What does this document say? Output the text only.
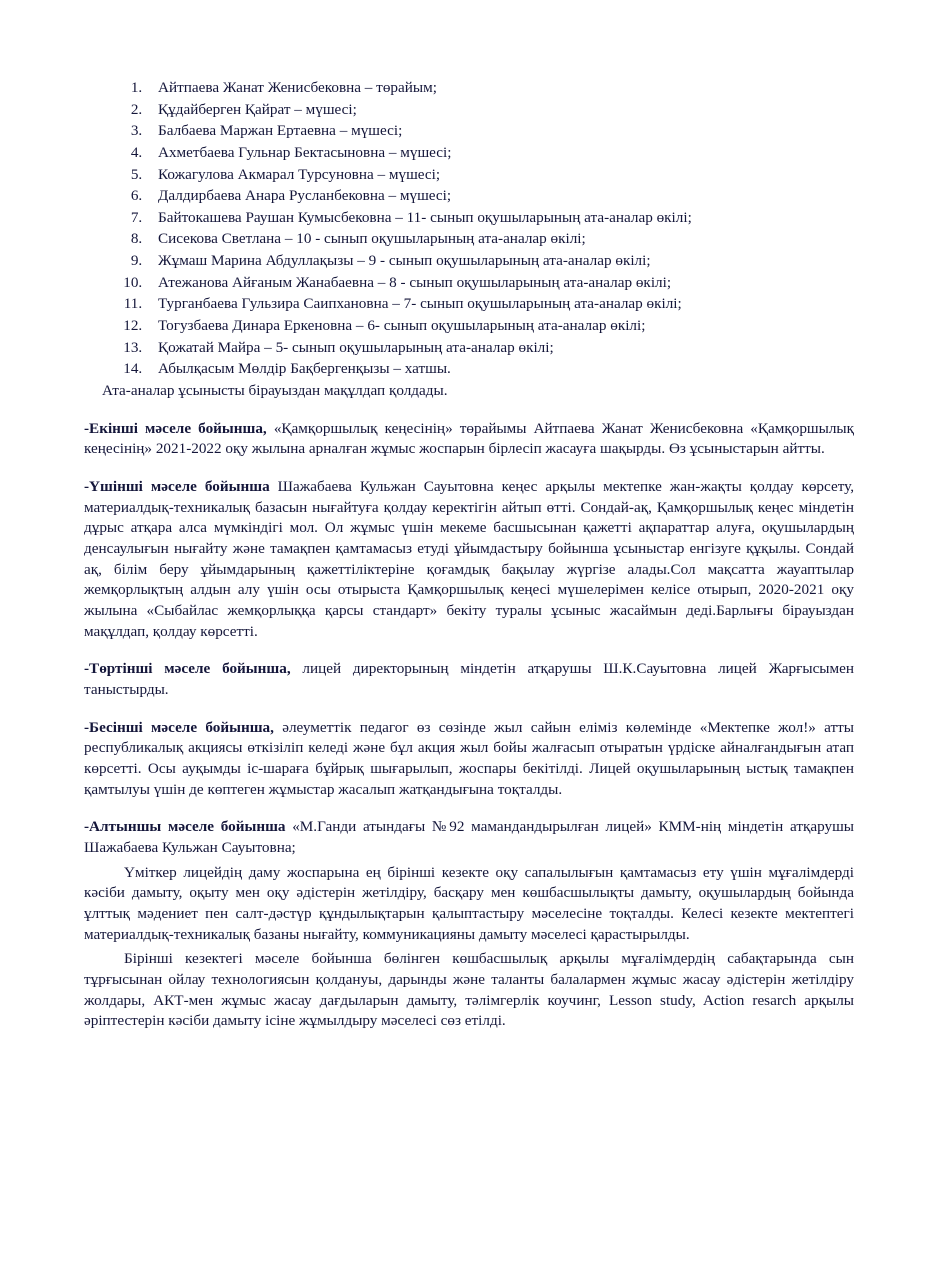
1. Айтпаева Жанат Женисбековна – төрайым;
2. Құдайберген Қайрат – мүшесі;
3. Балбаева Маржан Ертаевна – мүшесі;
4. Ахметбаева Гульнар Бектасыновна – мүшесі;
5. Кожагулова Акмарал Турсуновна – мүшесі;
6. Далдирбаева Анара Русланбековна – мүшесі;
7. Байтокашева Раушан Кумысбековна – 11- сынып оқушыларының ата-аналар өкілі;
8. Сисекова Светлана – 10 - сынып оқушыларының ата-аналар өкілі;
9. Жұмаш Марина Абдуллақызы – 9 - сынып оқушыларының ата-аналар өкілі;
10. Атежанова Айғаным Жанабаевна – 8 - сынып оқушыларының ата-аналар өкілі;
11. Турганбаева Гульзира Саипхановна – 7- сынып оқушыларының ата-аналар өкілі;
12. Тогузбаева Динара Еркеновна – 6- сынып оқушыларының ата-аналар өкілі;
13. Қожатай Майра – 5- сынып оқушыларының ата-аналар өкілі;
14. Абылқасым Мөлдір Бақбергенқызы – хатшы.
Ата-аналар ұсынысты бірауыздан мақұлдап қолдады.

-Екінші мәселе бойынша, «Қамқоршылық кеңесінің» төрайымы Айтпаева Жанат Женисбековна «Қамқоршылық кеңесінің» 2021-2022 оқу жылына арналған жұмыс жоспарын бірлесіп жасауға шақырды. Өз ұсыныстарын айтты.

-Үшінші мәселе бойынша Шажабаева Кульжан Сауытовна кеңес арқылы мектепке жан-жақты қолдау көрсету, материалдық-техникалық базасын нығайтуға қолдау керектігін айтып өтті. Сондай-ақ, Қамқоршылық кеңес міндетін дұрыс атқара алса мүмкіндігі мол. Ол жұмыс үшін мекеме басшысынан қажетті ақпараттар алуға, оқушылардың денсаулығын нығайту және тамақпен қамтамасыз етуді ұйымдастыру бойынша ұсыныстар енгізуге құқылы. Сондай ақ, білім беру ұйымдарының қажеттіліктеріне қоғамдық бақылау жүргізе алады.Сол мақсатта жауаптылар жемқорлықтың алдын алу үшін осы отырыста Қамқоршылық кеңесі мүшелерімен келісе отырып, 2020-2021 оқу жылына «Сыбайлас жемқорлыққа қарсы стандарт» бекіту туралы ұсыныс жасаймын деді.Барлығы бірауыздан мақұлдап, қолдау көрсетті.

-Төртінші мәселе бойынша, лицей директорының міндетін атқарушы Ш.К.Сауытовна лицей Жарғысымен таныстырды.

-Бесінші мәселе бойынша, әлеуметтік педагог өз сөзінде жыл сайын еліміз көлемінде «Мектепке жол!» атты республикалық акциясы өткізіліп келеді және бұл акция жыл бойы жалғасып отыратын үрдіске айналғандығын атап көрсетті. Осы ауқымды іс-шараға бұйрық шығарылып, жоспары бекітілді. Лицей оқушыларының ыстық тамақпен қамтылуы үшін де көптеген жұмыстар жасалып жатқандығына тоқталды.

-Алтыншы мәселе бойынша «М.Ганди атындағы №92 мамандандырылған лицей» КММ-нің міндетін атқарушы Шажабаева Кульжан Сауытовна;

Үміткер лицейдің даму жоспарына ең бірінші кезекте оқу сапалылығын қамтамасыз ету үшін мұғалімдерді кәсіби дамыту, оқыту мен оқу әдістерін жетілдіру, басқару мен көшбасшылықты дамыту, оқушылардың бойында ұлттық мәдениет пен салт-дәстүр құндылықтарын қалыптастыру мәселесіне тоқталды. Келесі кезекте мектептегі материалдық-техникалық базаны нығайту, коммуникацияны дамыту мәселесі қарастырылды.

Бірінші кезектегі мәселе бойынша бөлінген көшбасшылық арқылы мұғалімдердің сабақтарында сын тұрғысынан ойлау технологиясын қолдануы, дарынды және таланты балалармен жұмыс жасау әдістерін жетілдіру жолдары, АКТ-мен жұмыс жасау дағдыларын дамыту, тәлімгерлік коучинг, Lesson study, Action resarch арқылы әріптестерін кәсіби дамыту ісіне жұмылдыру мәселесі сөз етілді.
